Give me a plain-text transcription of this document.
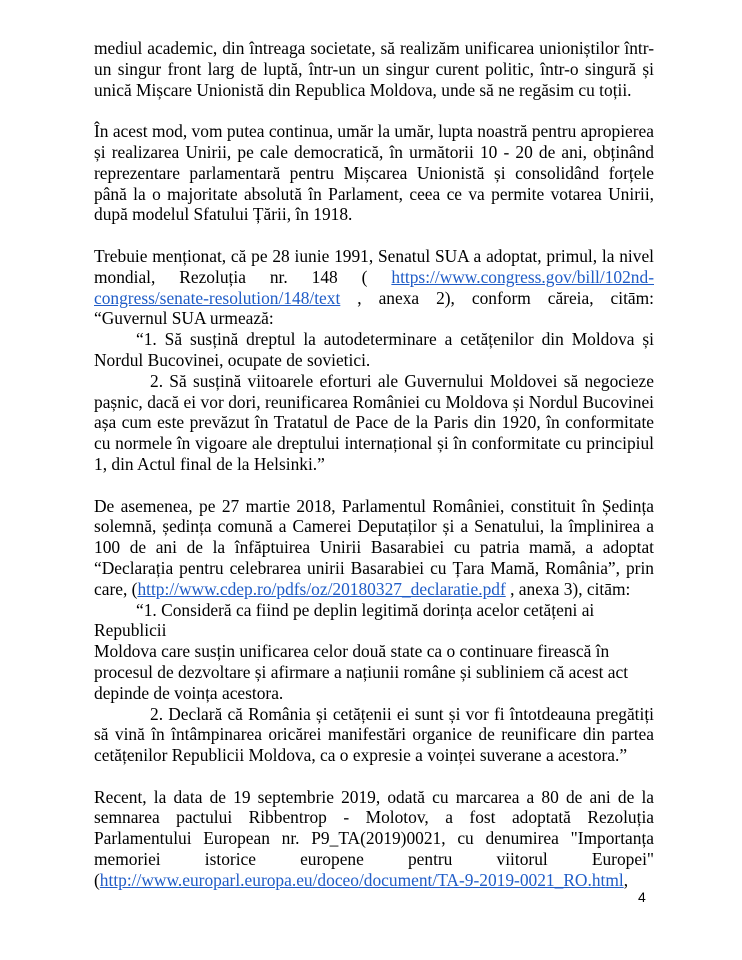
mediul academic, din întreaga societate, să realizăm unificarea unioniștilor într-un singur front larg de luptă, într-un un singur curent politic, într-o singură și unică Mișcare Unionistă din Republica Moldova, unde să ne regăsim cu toții.

În acest mod, vom putea continua, umăr la umăr, lupta noastră pentru apropierea și realizarea Unirii, pe cale democratică, în următorii 10 - 20 de ani, obținând reprezentare parlamentară pentru Mișcarea Unionistă și consolidând forțele până la o majoritate absolută în Parlament, ceea ce va permite votarea Unirii, după modelul Sfatului Țării, în 1918.

Trebuie menționat, că pe 28 iunie 1991, Senatul SUA a adoptat, primul, la nivel mondial, Rezoluția nr. 148 ( https://www.congress.gov/bill/102nd-congress/senate-resolution/148/text , anexa 2), conform căreia, citām: “Guvernul SUA urmează:

“1. Să susțină dreptul la autodeterminare a cetățenilor din Moldova și Nordul Bucovinei, ocupate de sovietici.

2. Să susțină viitoarele eforturi ale Guvernului Moldovei să negocieze pașnic, dacă ei vor dori, reunificarea României cu Moldova și Nordul Bucovinei așa cum este prevăzut în Tratatul de Pace de la Paris din 1920, în conformitate cu normele în vigoare ale dreptului internațional și în conformitate cu principiul 1, din Actul final de la Helsinki.”

De asemenea, pe 27 martie 2018, Parlamentul României, constituit în Ședința solemnă, ședința comună a Camerei Deputaților și a Senatului, la împlinirea a 100 de ani de la înfăptuirea Unirii Basarabiei cu patria mamă, a adoptat “Declarația pentru celebrarea unirii Basarabiei cu Țara Mamă, România”, prin care, (http://www.cdep.ro/pdfs/oz/20180327_declaratie.pdf , anexa 3), citām:

“1. Consideră ca fiind pe deplin legitimă dorința acelor cetățeni ai

Republicii
Moldova care susțin unificarea celor două state ca o continuare firească în
procesul de dezvoltare și afirmare a națiunii române și subliniem că acest act
depinde de voința acestora.

2. Declară că România și cetățenii ei sunt și vor fi întotdeauna pregătiți să vină în întâmpinarea oricărei manifestări organice de reunificare din partea cetățenilor Republicii Moldova, ca o expresie a voinței suverane a acestora.”

Recent, la data de 19 septembrie 2019, odată cu marcarea a 80 de ani de la semnarea pactului Ribbentrop - Molotov, a fost adoptată Rezoluția Parlamentului European nr. P9_TA(2019)0021, cu denumirea "Importanța memoriei istorice europene pentru viitorul Europei" (http://www.europarl.europa.eu/doceo/document/TA-9-2019-0021_RO.html,

4
